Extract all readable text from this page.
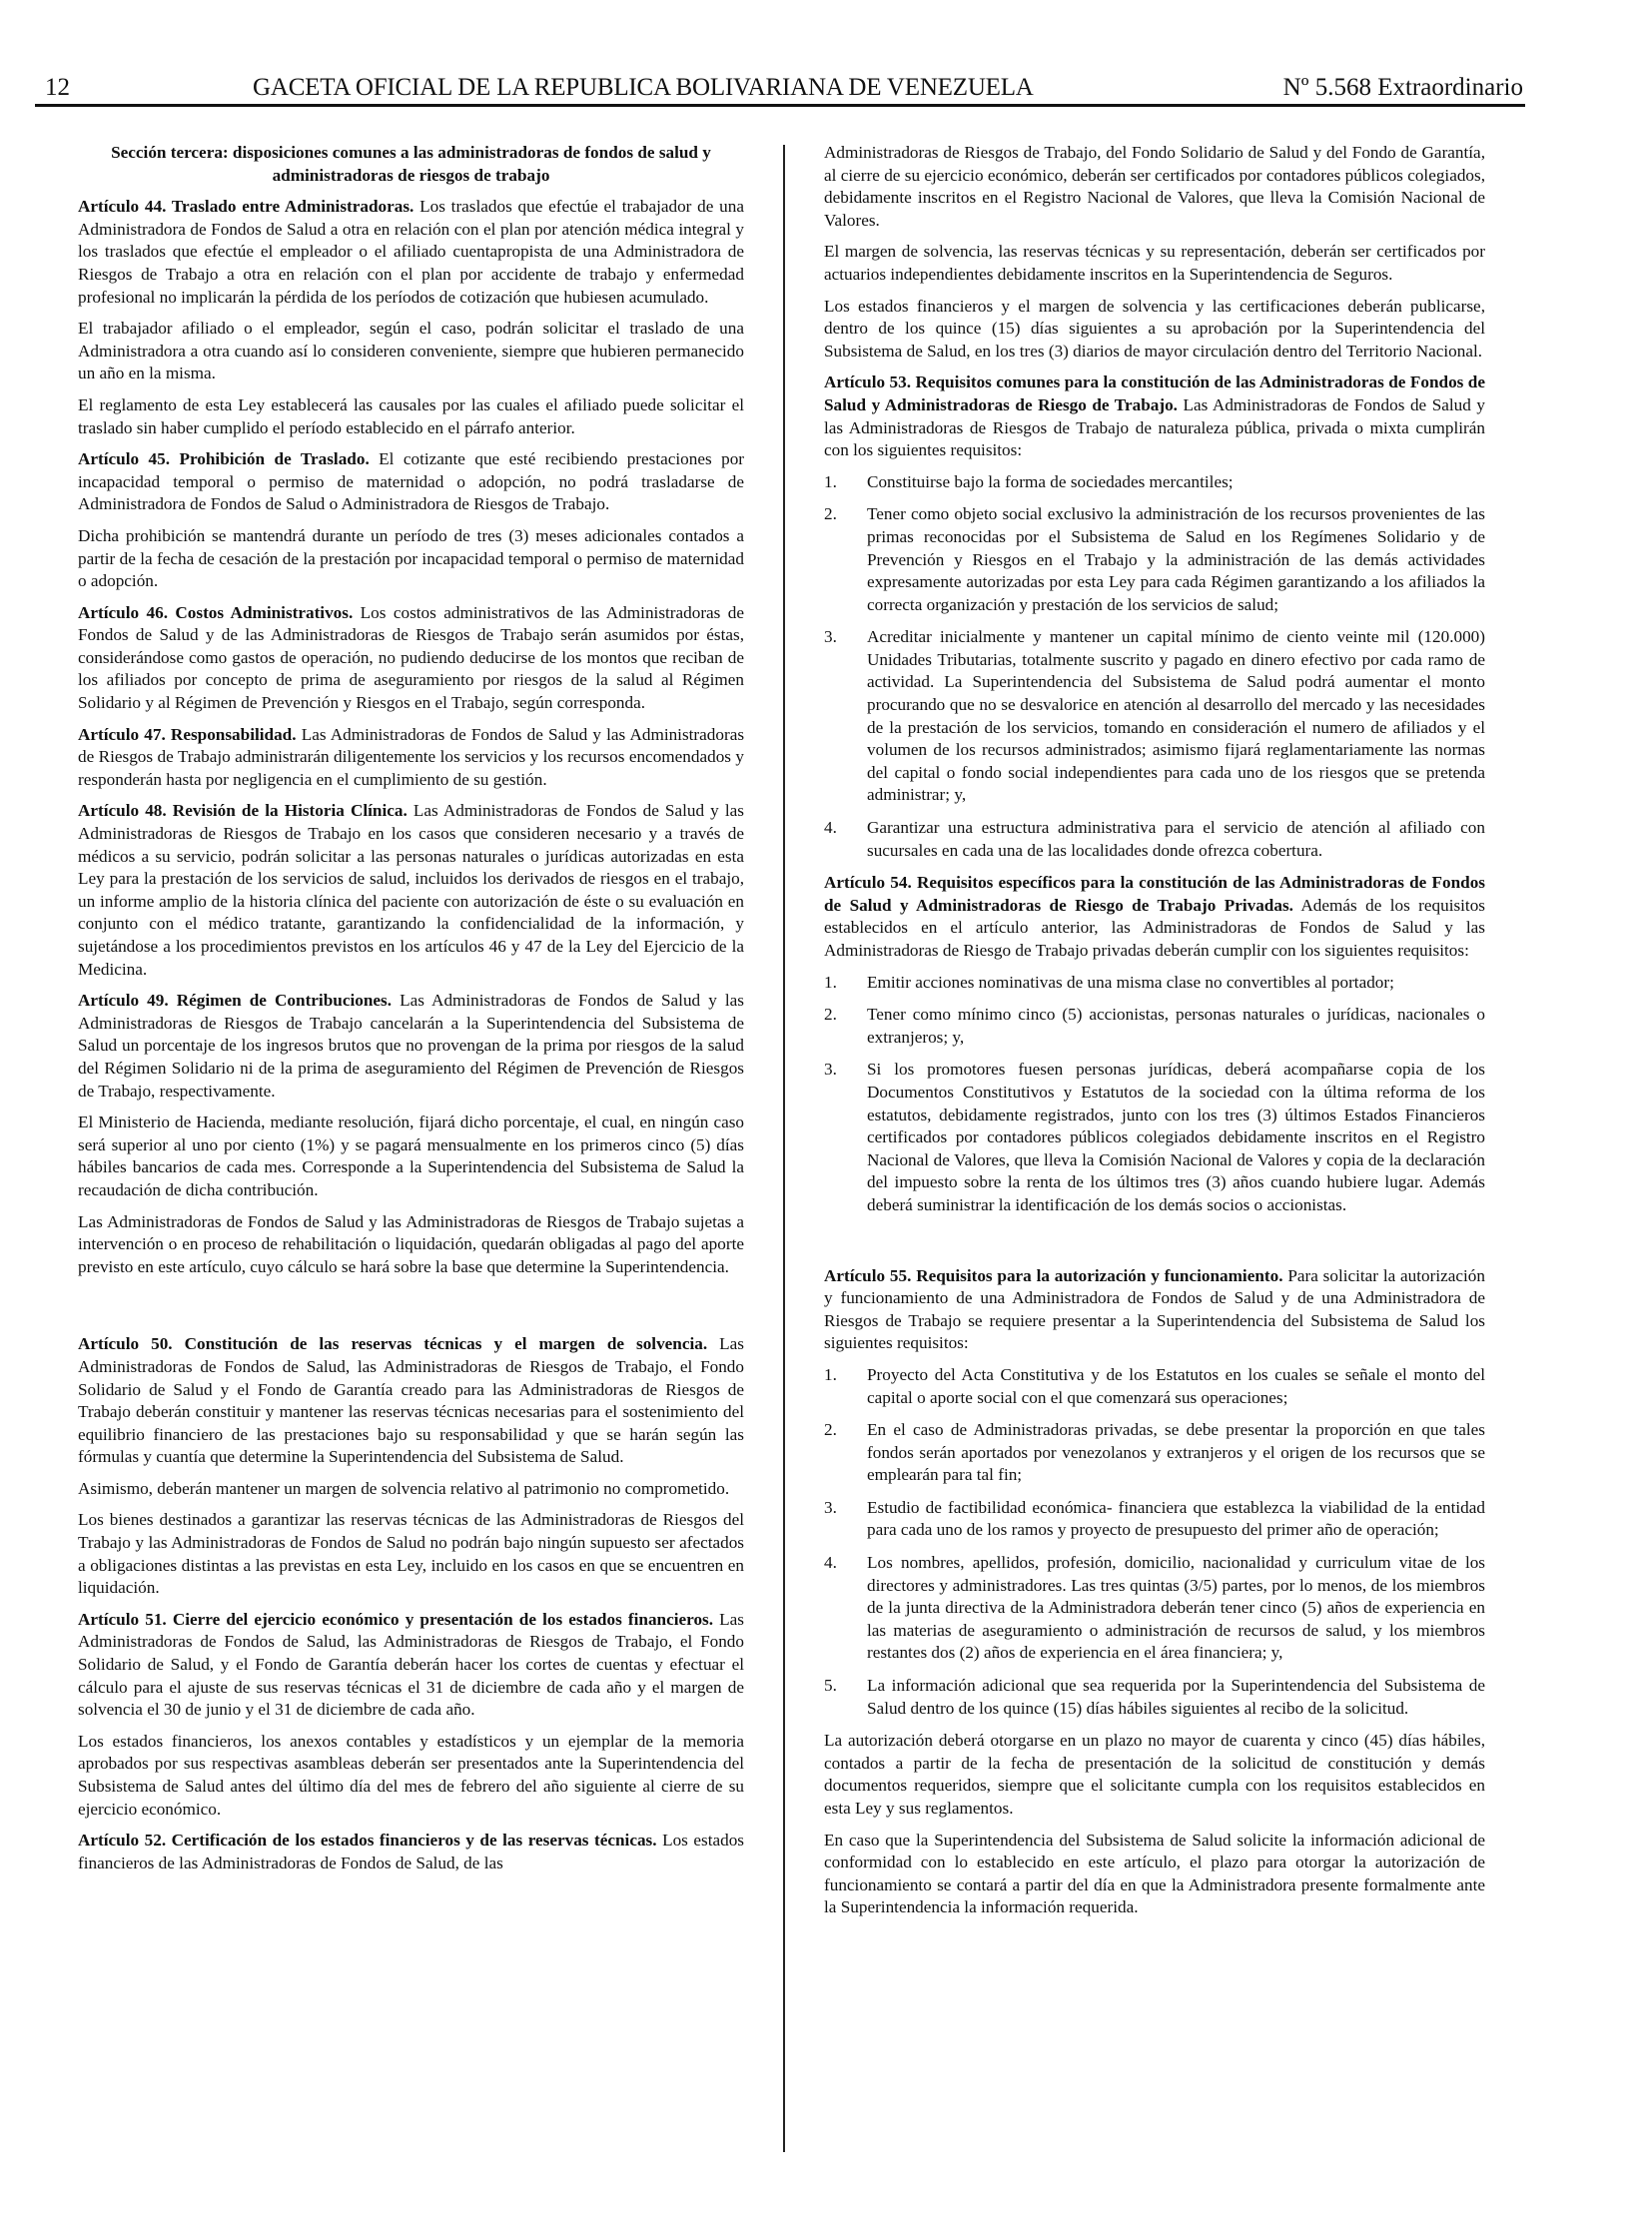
12	GACETA OFICIAL DE LA REPUBLICA BOLIVARIANA DE VENEZUELA	Nº 5.568 Extraordinario

Sección tercera: disposiciones comunes a las administradoras de fondos de salud y administradoras de riesgos de trabajo

Artículo 44. Traslado entre Administradoras. Los traslados que efectúe el trabajador de una Administradora de Fondos de Salud a otra en relación con el plan por atención médica integral y los traslados que efectúe el empleador o el afiliado cuentapropista de una Administradora de Riesgos de Trabajo a otra en relación con el plan por accidente de trabajo y enfermedad profesional no implicarán la pérdida de los períodos de cotización que hubiesen acumulado.

El trabajador afiliado o el empleador, según el caso, podrán solicitar el traslado de una Administradora a otra cuando así lo consideren conveniente, siempre que hubieren permanecido un año en la misma.

El reglamento de esta Ley establecerá las causales por las cuales el afiliado puede solicitar el traslado sin haber cumplido el período establecido en el párrafo anterior.

Artículo 45. Prohibición de Traslado. El cotizante que esté recibiendo prestaciones por incapacidad temporal o permiso de maternidad o adopción, no podrá trasladarse de Administradora de Fondos de Salud o Administradora de Riesgos de Trabajo.

Dicha prohibición se mantendrá durante un período de tres (3) meses adicionales contados a partir de la fecha de cesación de la prestación por incapacidad temporal o permiso de maternidad o adopción.

Artículo 46. Costos Administrativos. Los costos administrativos de las Administradoras de Fondos de Salud y de las Administradoras de Riesgos de Trabajo serán asumidos por éstas, considerándose como gastos de operación, no pudiendo deducirse de los montos que reciban de los afiliados por concepto de prima de aseguramiento por riesgos de la salud al Régimen Solidario y al Régimen de Prevención y Riesgos en el Trabajo, según corresponda.

Artículo 47. Responsabilidad. Las Administradoras de Fondos de Salud y las Administradoras de Riesgos de Trabajo administrarán diligentemente los servicios y los recursos encomendados y responderán hasta por negligencia en el cumplimiento de su gestión.

Artículo 48. Revisión de la Historia Clínica. Las Administradoras de Fondos de Salud y las Administradoras de Riesgos de Trabajo en los casos que consideren necesario y a través de médicos a su servicio, podrán solicitar a las personas naturales o jurídicas autorizadas en esta Ley para la prestación de los servicios de salud, incluidos los derivados de riesgos en el trabajo, un informe amplio de la historia clínica del paciente con autorización de éste o su evaluación en conjunto con el médico tratante, garantizando la confidencialidad de la información, y sujetándose a los procedimientos previstos en los artículos 46 y 47 de la Ley del Ejercicio de la Medicina.

Artículo 49. Régimen de Contribuciones. Las Administradoras de Fondos de Salud y las Administradoras de Riesgos de Trabajo cancelarán a la Superintendencia del Subsistema de Salud un porcentaje de los ingresos brutos que no provengan de la prima por riesgos de la salud del Régimen Solidario ni de la prima de aseguramiento del Régimen de Prevención de Riesgos de Trabajo, respectivamente.

El Ministerio de Hacienda, mediante resolución, fijará dicho porcentaje, el cual, en ningún caso será superior al uno por ciento (1%) y se pagará mensualmente en los primeros cinco (5) días hábiles bancarios de cada mes. Corresponde a la Superintendencia del Subsistema de Salud la recaudación de dicha contribución.

Las Administradoras de Fondos de Salud y las Administradoras de Riesgos de Trabajo sujetas a intervención o en proceso de rehabilitación o liquidación, quedarán obligadas al pago del aporte previsto en este artículo, cuyo cálculo se hará sobre la base que determine la Superintendencia.

Artículo 50. Constitución de las reservas técnicas y el margen de solvencia. Las Administradoras de Fondos de Salud, las Administradoras de Riesgos de Trabajo, el Fondo Solidario de Salud y el Fondo de Garantía creado para las Administradoras de Riesgos de Trabajo deberán constituir y mantener las reservas técnicas necesarias para el sostenimiento del equilibrio financiero de las prestaciones bajo su responsabilidad y que se harán según las fórmulas y cuantía que determine la Superintendencia del Subsistema de Salud.

Asimismo, deberán mantener un margen de solvencia relativo al patrimonio no comprometido.

Los bienes destinados a garantizar las reservas técnicas de las Administradoras de Riesgos del Trabajo y las Administradoras de Fondos de Salud no podrán bajo ningún supuesto ser afectados a obligaciones distintas a las previstas en esta Ley, incluido en los casos en que se encuentren en liquidación.

Artículo 51. Cierre del ejercicio económico y presentación de los estados financieros. Las Administradoras de Fondos de Salud, las Administradoras de Riesgos de Trabajo, el Fondo Solidario de Salud, y el Fondo de Garantía deberán hacer los cortes de cuentas y efectuar el cálculo para el ajuste de sus reservas técnicas el 31 de diciembre de cada año y el margen de solvencia el 30 de junio y el 31 de diciembre de cada año.

Los estados financieros, los anexos contables y estadísticos y un ejemplar de la memoria aprobados por sus respectivas asambleas deberán ser presentados ante la Superintendencia del Subsistema de Salud antes del último día del mes de febrero del año siguiente al cierre de su ejercicio económico.

Artículo 52. Certificación de los estados financieros y de las reservas técnicas. Los estados financieros de las Administradoras de Fondos de Salud, de las

Administradoras de Riesgos de Trabajo, del Fondo Solidario de Salud y del Fondo de Garantía, al cierre de su ejercicio económico, deberán ser certificados por contadores públicos colegiados, debidamente inscritos en el Registro Nacional de Valores, que lleva la Comisión Nacional de Valores.

El margen de solvencia, las reservas técnicas y su representación, deberán ser certificados por actuarios independientes debidamente inscritos en la Superintendencia de Seguros.

Los estados financieros y el margen de solvencia y las certificaciones deberán publicarse, dentro de los quince (15) días siguientes a su aprobación por la Superintendencia del Subsistema de Salud, en los tres (3) diarios de mayor circulación dentro del Territorio Nacional.

Artículo 53. Requisitos comunes para la constitución de las Administradoras de Fondos de Salud y Administradoras de Riesgo de Trabajo. Las Administradoras de Fondos de Salud y las Administradoras de Riesgos de Trabajo de naturaleza pública, privada o mixta cumplirán con los siguientes requisitos:

1. Constituirse bajo la forma de sociedades mercantiles;
2. Tener como objeto social exclusivo la administración de los recursos provenientes de las primas reconocidas por el Subsistema de Salud en los Regímenes Solidario y de Prevención y Riesgos en el Trabajo y la administración de las demás actividades expresamente autorizadas por esta Ley para cada Régimen garantizando a los afiliados la correcta organización y prestación de los servicios de salud;
3. Acreditar inicialmente y mantener un capital mínimo de ciento veinte mil (120.000) Unidades Tributarias, totalmente suscrito y pagado en dinero efectivo por cada ramo de actividad. La Superintendencia del Subsistema de Salud podrá aumentar el monto procurando que no se desvalorice en atención al desarrollo del mercado y las necesidades de la prestación de los servicios, tomando en consideración el numero de afiliados y el volumen de los recursos administrados; asimismo fijará reglamentariamente las normas del capital o fondo social independientes para cada uno de los riesgos que se pretenda administrar; y,
4. Garantizar una estructura administrativa para el servicio de atención al afiliado con sucursales en cada una de las localidades donde ofrezca cobertura.

Artículo 54. Requisitos específicos para la constitución de las Administradoras de Fondos de Salud y Administradoras de Riesgo de Trabajo Privadas. Además de los requisitos establecidos en el artículo anterior, las Administradoras de Fondos de Salud y las Administradoras de Riesgo de Trabajo privadas deberán cumplir con los siguientes requisitos:

1. Emitir acciones nominativas de una misma clase no convertibles al portador;
2. Tener como mínimo cinco (5) accionistas, personas naturales o jurídicas, nacionales o extranjeros; y,
3. Si los promotores fuesen personas jurídicas, deberá acompañarse copia de los Documentos Constitutivos y Estatutos de la sociedad con la última reforma de los estatutos, debidamente registrados, junto con los tres (3) últimos Estados Financieros certificados por contadores públicos colegiados debidamente inscritos en el Registro Nacional de Valores, que lleva la Comisión Nacional de Valores y copia de la declaración del impuesto sobre la renta de los últimos tres (3) años cuando hubiere lugar. Además deberá suministrar la identificación de los demás socios o accionistas.

Artículo 55. Requisitos para la autorización y funcionamiento. Para solicitar la autorización y funcionamiento de una Administradora de Fondos de Salud y de una Administradora de Riesgos de Trabajo se requiere presentar a la Superintendencia del Subsistema de Salud los siguientes requisitos:

1. Proyecto del Acta Constitutiva y de los Estatutos en los cuales se señale el monto del capital o aporte social con el que comenzará sus operaciones;
2. En el caso de Administradoras privadas, se debe presentar la proporción en que tales fondos serán aportados por venezolanos y extranjeros y el origen de los recursos que se emplearán para tal fin;
3. Estudio de factibilidad económica- financiera que establezca la viabilidad de la entidad para cada uno de los ramos y proyecto de presupuesto del primer año de operación;
4. Los nombres, apellidos, profesión, domicilio, nacionalidad y curriculum vitae de los directores y administradores. Las tres quintas (3/5) partes, por lo menos, de los miembros de la junta directiva de la Administradora deberán tener cinco (5) años de experiencia en las materias de aseguramiento o administración de recursos de salud, y los miembros restantes dos (2) años de experiencia en el área financiera; y,
5. La información adicional que sea requerida por la Superintendencia del Subsistema de Salud dentro de los quince (15) días hábiles siguientes al recibo de la solicitud.

La autorización deberá otorgarse en un plazo no mayor de cuarenta y cinco (45) días hábiles, contados a partir de la fecha de presentación de la solicitud de constitución y demás documentos requeridos, siempre que el solicitante cumpla con los requisitos establecidos en esta Ley y sus reglamentos.

En caso que la Superintendencia del Subsistema de Salud solicite la información adicional de conformidad con lo establecido en este artículo, el plazo para otorgar la autorización de funcionamiento se contará a partir del día en que la Administradora presente formalmente ante la Superintendencia la información requerida.
